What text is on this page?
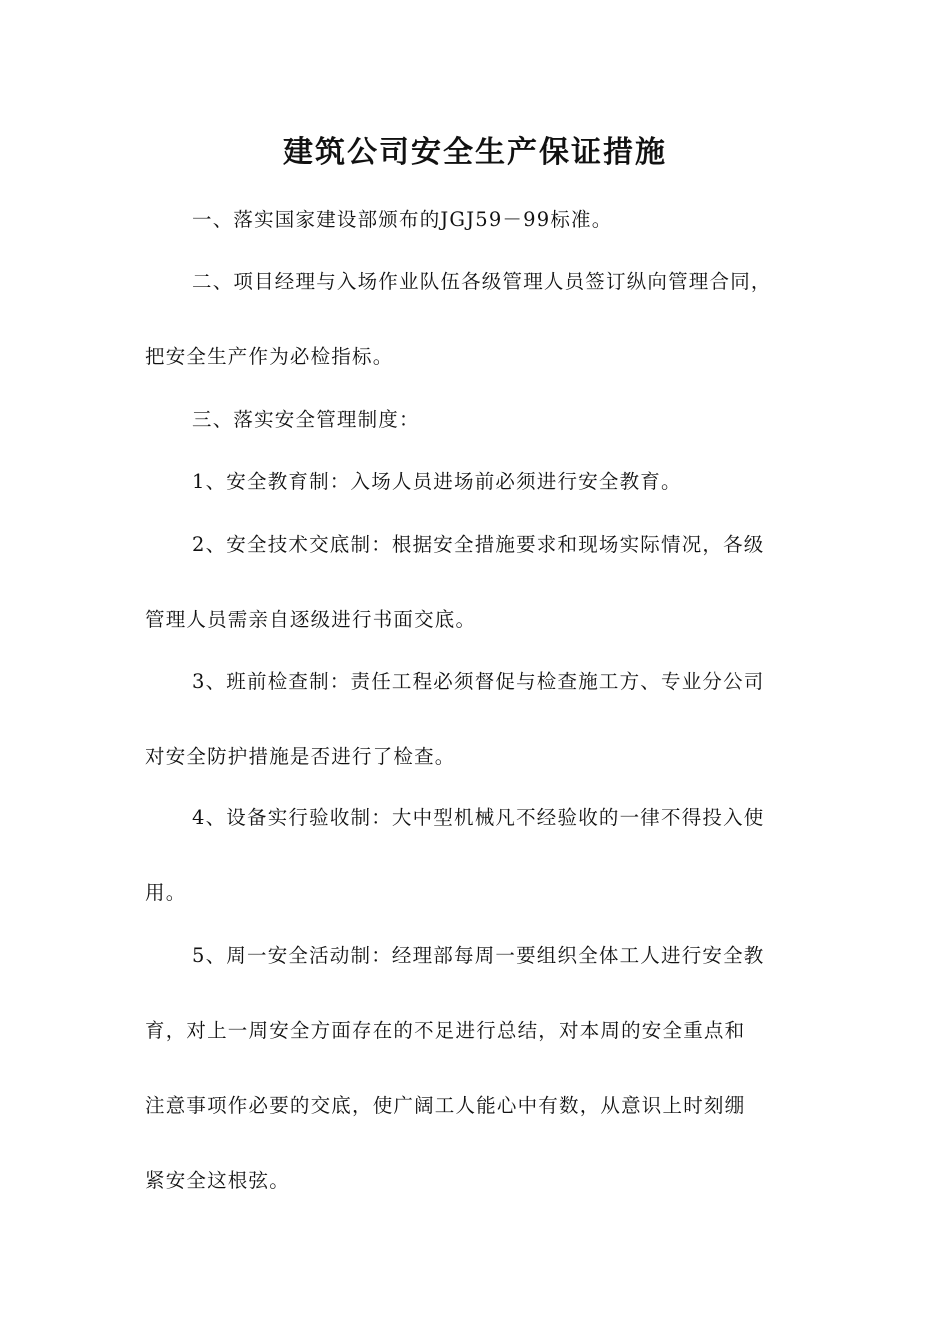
建筑公司安全生产保证措施
一、落实国家建设部颁布的JGJ59－99标准。
二、项目经理与入场作业队伍各级管理人员签订纵向管理合同，
把安全生产作为必检指标。
三、落实安全管理制度：
1、安全教育制：入场人员进场前必须进行安全教育。
2、安全技术交底制：根据安全措施要求和现场实际情况，各级
管理人员需亲自逐级进行书面交底。
3、班前检查制：责任工程必须督促与检查施工方、专业分公司
对安全防护措施是否进行了检查。
4、设备实行验收制：大中型机械凡不经验收的一律不得投入使
用。
5、周一安全活动制：经理部每周一要组织全体工人进行安全教
育，对上一周安全方面存在的不足进行总结，对本周的安全重点和
注意事项作必要的交底，使广阔工人能心中有数，从意识上时刻绷
紧安全这根弦。
